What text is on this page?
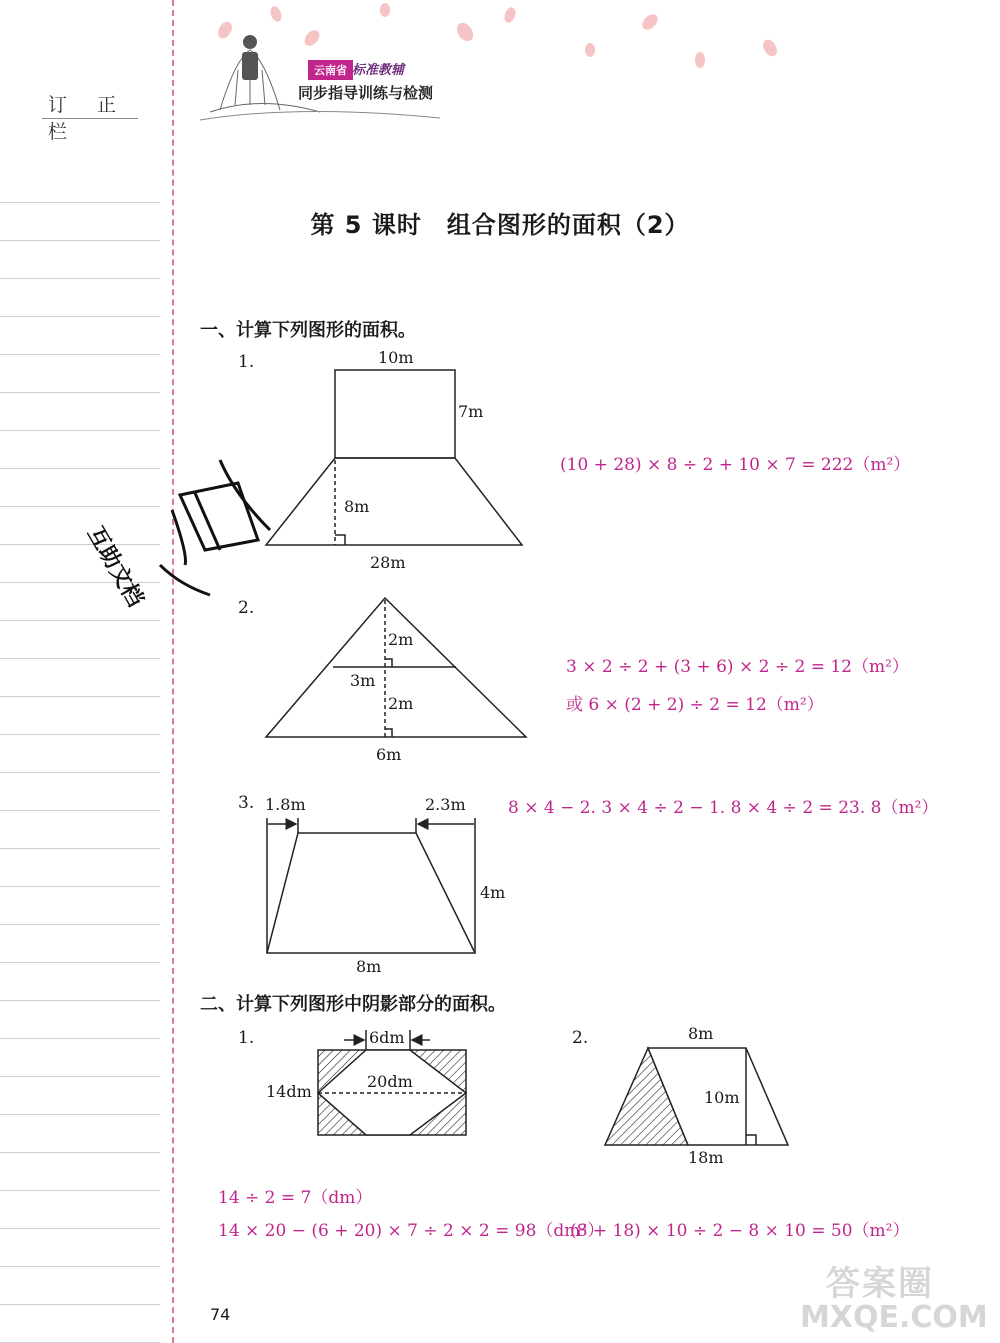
订 正 栏
云南省 标准教辅
同步指导训练与检测
第 5 课时　组合图形的面积（2）
一、计算下列图形的面积。
1.	10m
7m
8m
28m
(10 + 28) × 8 ÷ 2 + 10 × 7 = 222（m²）
互助文档	2.
2m
3m
2m
6m
3 × 2 ÷ 2 + (3 + 6) × 2 ÷ 2 = 12（m²）
或 6 × (2 + 2) ÷ 2 = 12（m²）
3. 1.8m	2.3m
4m
8m
8 × 4 − 2. 3 × 4 ÷ 2 − 1. 8 × 4 ÷ 2 = 23. 8（m²）
二、计算下列图形中阴影部分的面积。
1.	6dm
14dm
20dm
14 ÷ 2 = 7（dm）
14 × 20 − (6 + 20) × 7 ÷ 2 × 2 = 98（dm²）
2.	8m
10m
18m
(8 + 18) × 10 ÷ 2 − 8 × 10 = 50（m²）
答案圈
MXQE.COM
74
